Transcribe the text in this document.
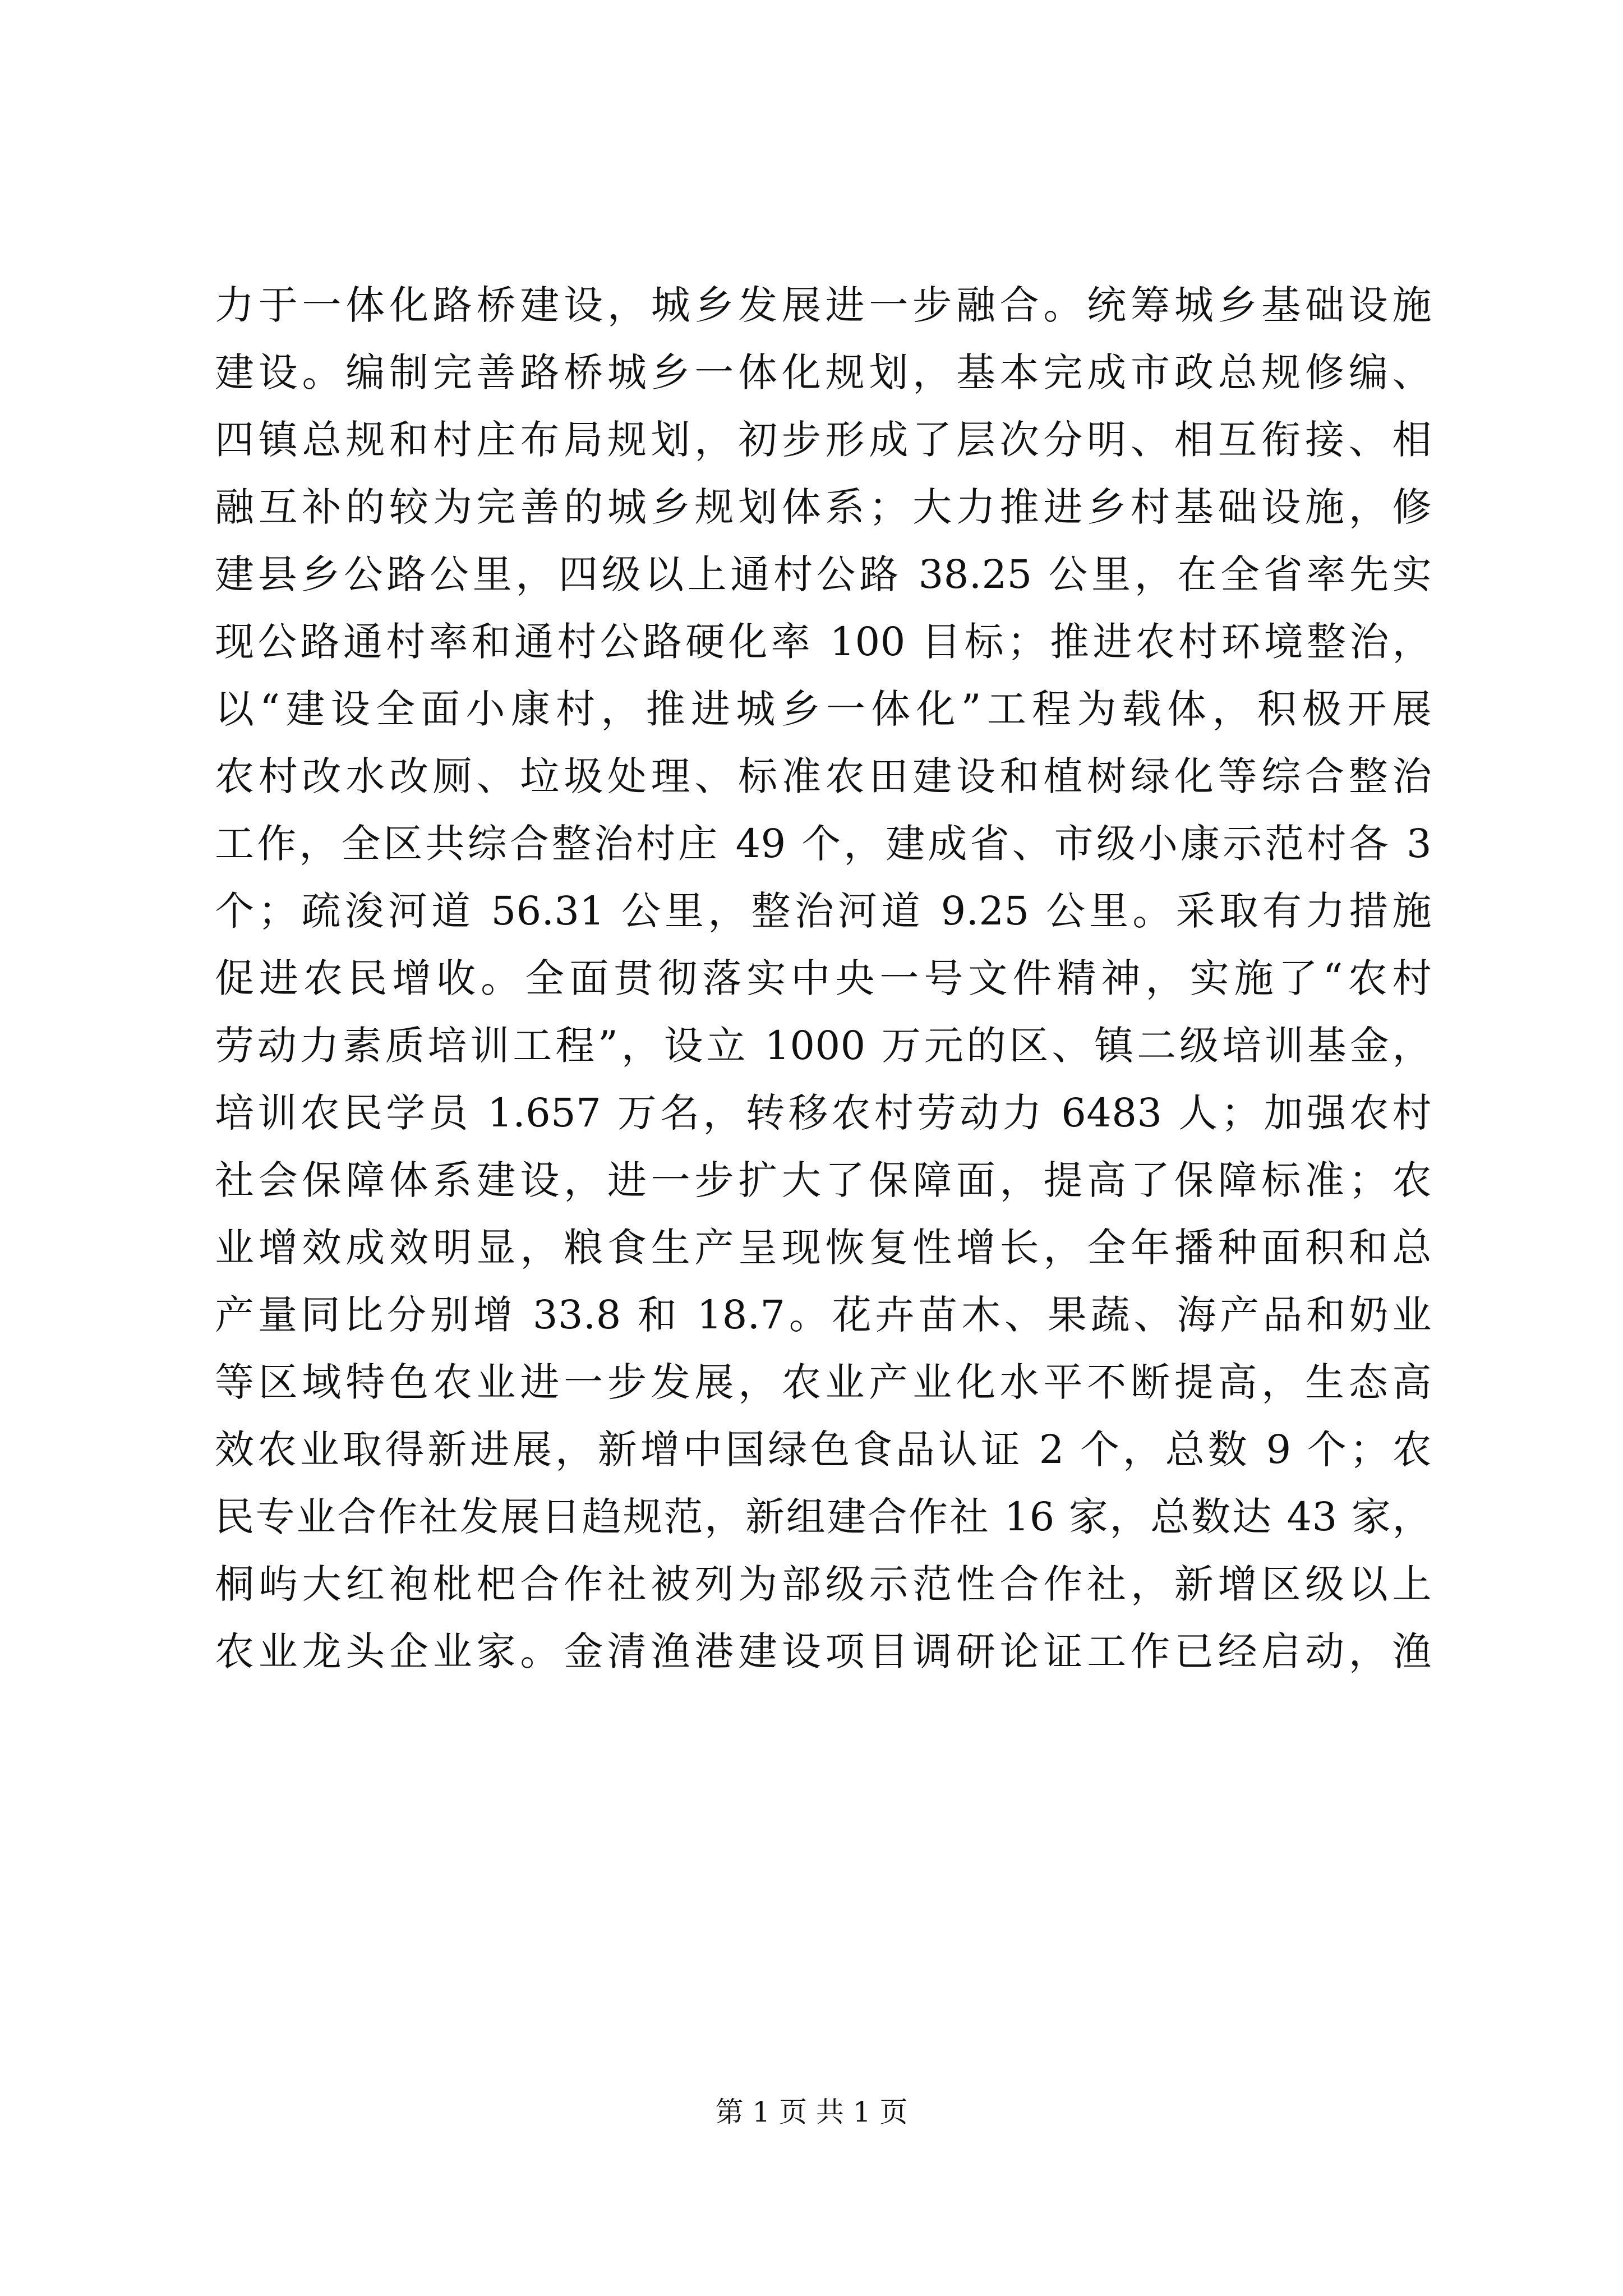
力于一体化路桥建设，城乡发展进一步融合。统筹城乡基础设施
建设。编制完善路桥城乡一体化规划，基本完成市政总规修编、
四镇总规和村庄布局规划，初步形成了层次分明、相互衔接、相
融互补的较为完善的城乡规划体系；大力推进乡村基础设施，修
建县乡公路公里，四级以上通村公路 38.25 公里，在全省率先实
现公路通村率和通村公路硬化率 100 目标；推进农村环境整治，
以“建设全面小康村，推进城乡一体化”工程为载体，积极开展
农村改水改厕、垃圾处理、标准农田建设和植树绿化等综合整治
工作，全区共综合整治村庄 49 个，建成省、市级小康示范村各 3
个；疏浚河道 56.31 公里，整治河道 9.25 公里。采取有力措施
促进农民增收。全面贯彻落实中央一号文件精神，实施了“农村
劳动力素质培训工程”，设立 1000 万元的区、镇二级培训基金，
培训农民学员 1.657 万名，转移农村劳动力 6483 人；加强农村
社会保障体系建设，进一步扩大了保障面，提高了保障标准；农
业增效成效明显，粮食生产呈现恢复性增长，全年播种面积和总
产量同比分别增 33.8 和 18.7。花卉苗木、果蔬、海产品和奶业
等区域特色农业进一步发展，农业产业化水平不断提高，生态高
效农业取得新进展，新增中国绿色食品认证 2 个，总数 9 个；农
民专业合作社发展日趋规范，新组建合作社 16 家，总数达 43 家，
桐屿大红袍枇杷合作社被列为部级示范性合作社，新增区级以上
农业龙头企业家。金清渔港建设项目调研论证工作已经启动，渔
第 1 页 共 1 页
